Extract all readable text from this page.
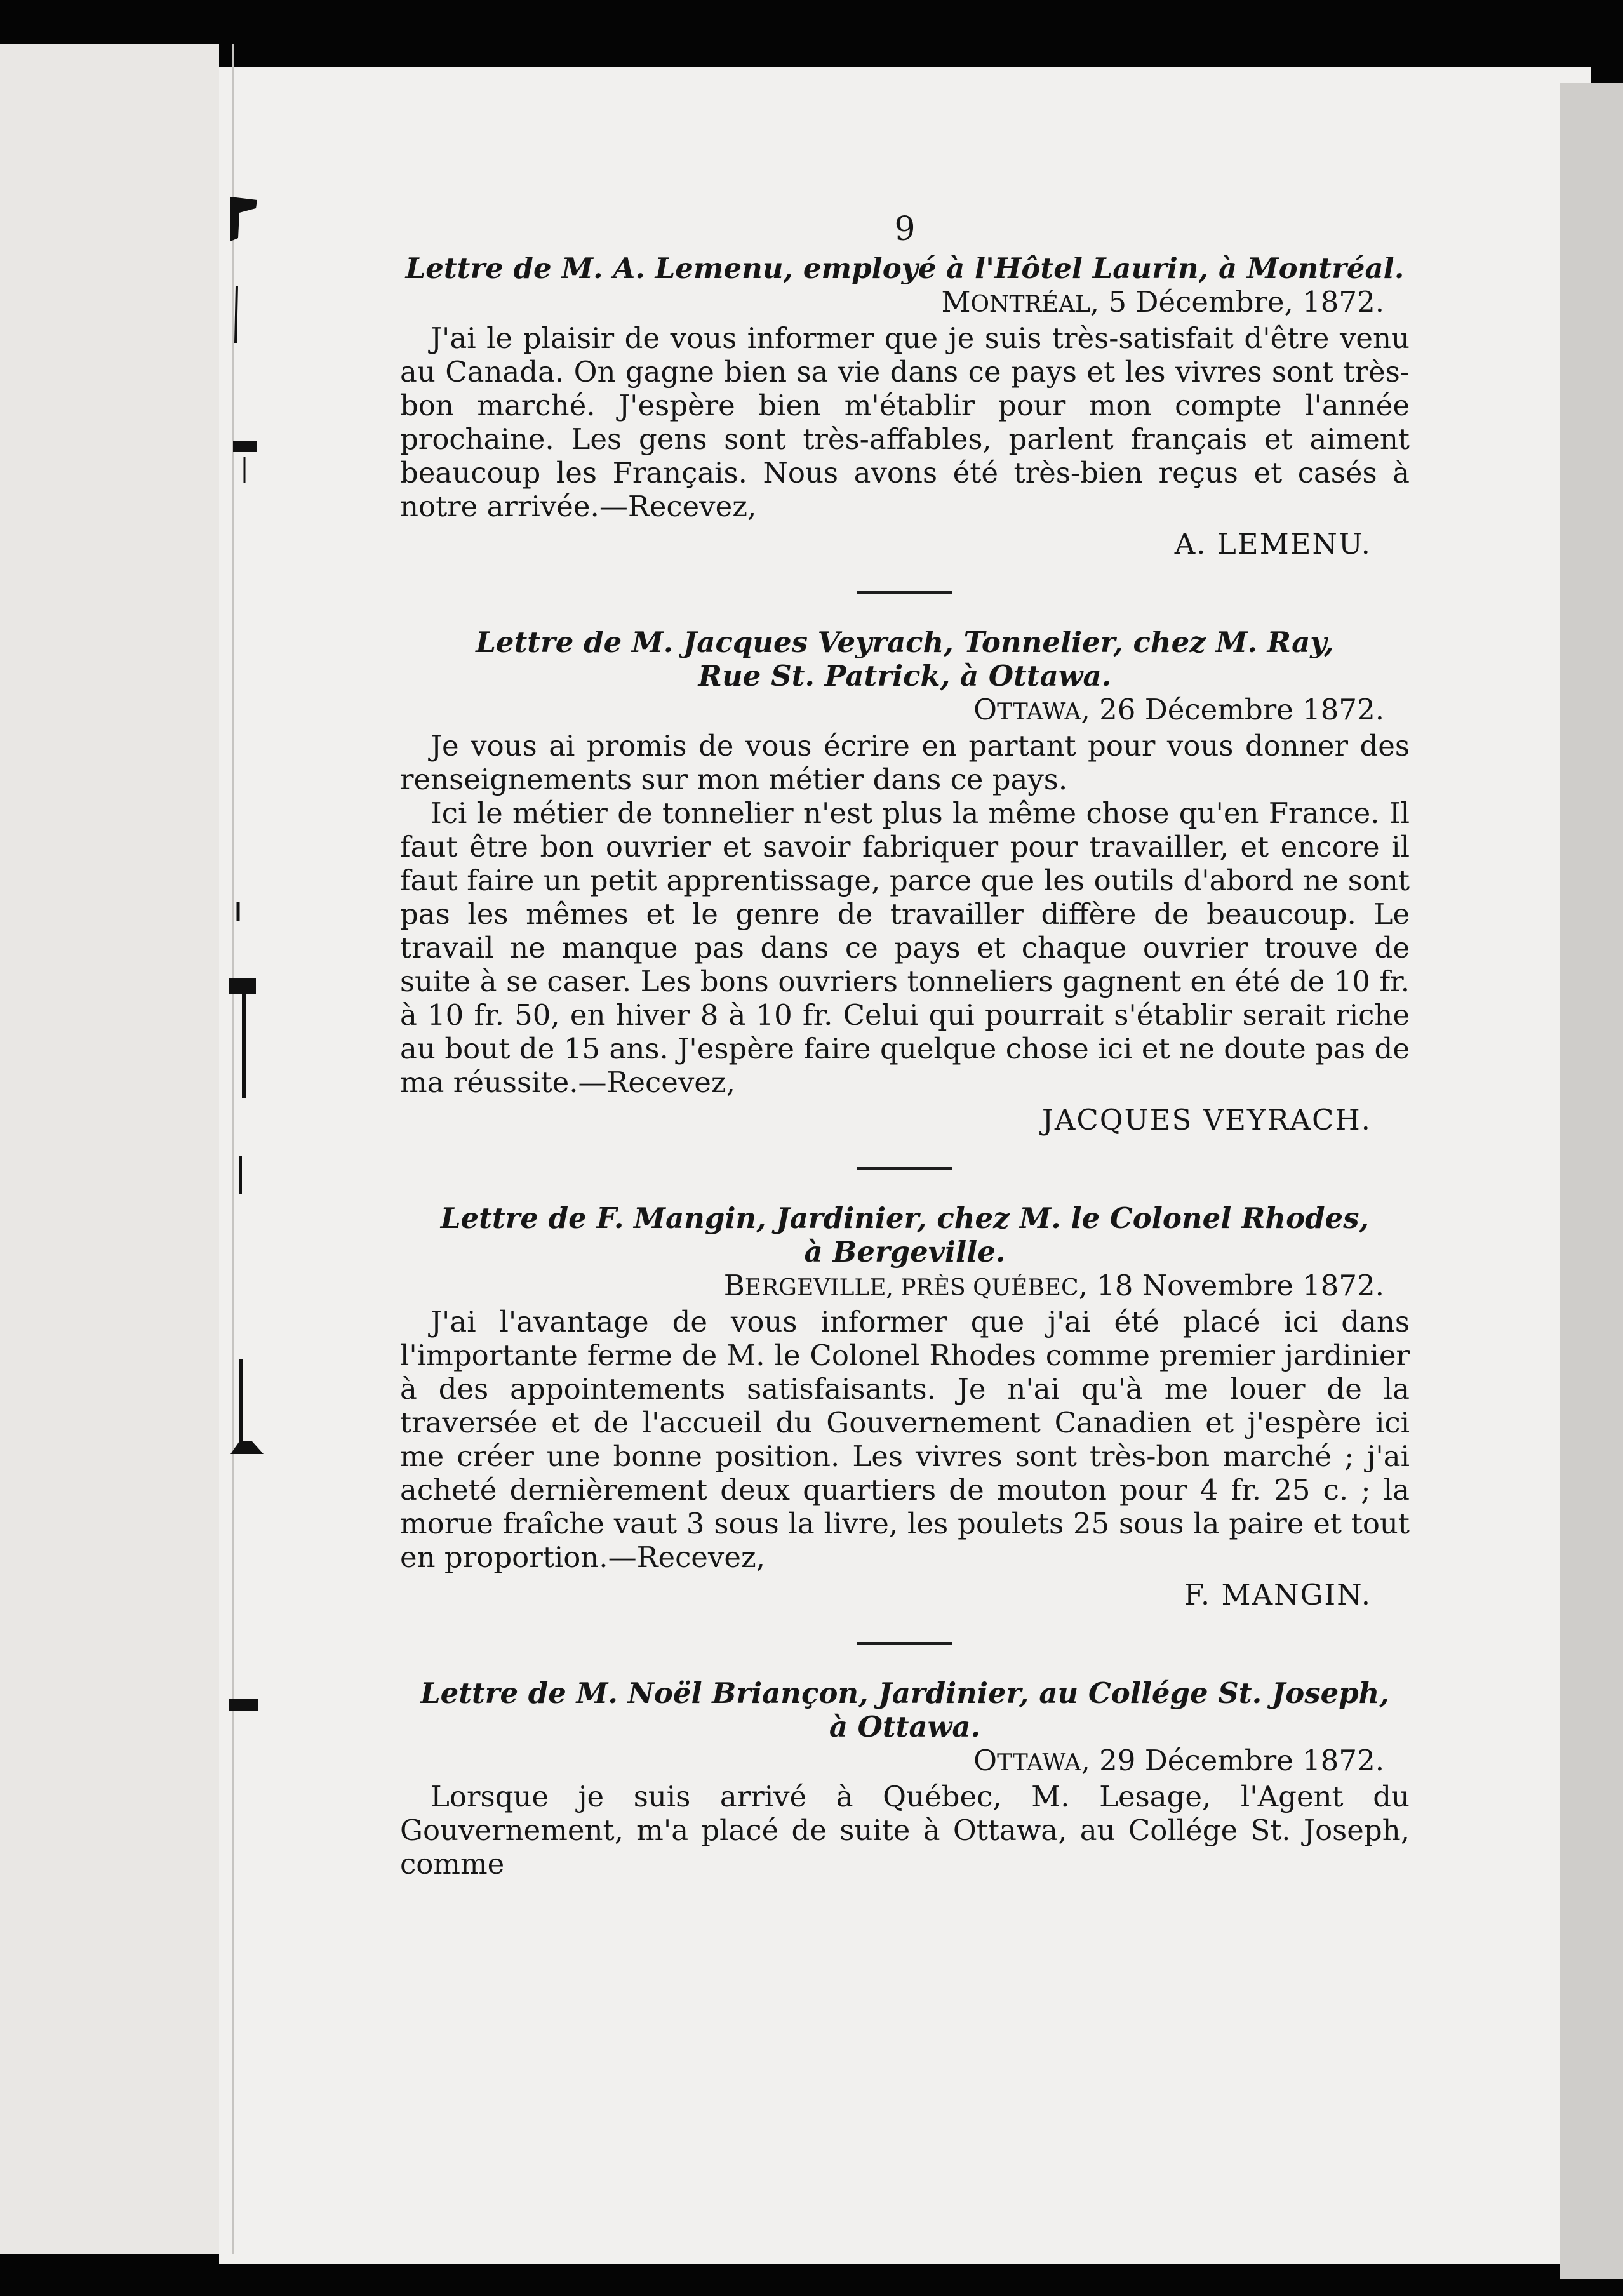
9
Lettre de M. A. Lemenu, employé à l'Hôtel Laurin, à Montréal.
MONTRÉAL, 5 Décembre, 1872.
J'ai le plaisir de vous informer que je suis très-satisfait d'être venu au Canada. On gagne bien sa vie dans ce pays et les vivres sont très-bon marché. J'espère bien m'établir pour mon compte l'année prochaine. Les gens sont très-affables, parlent français et aiment beaucoup les Français. Nous avons été très-bien reçus et casés à notre arrivée.—Recevez,
A. LEMENU.
Lettre de M. Jacques Veyrach, Tonnelier, chez M. Ray,
Rue St. Patrick, à Ottawa.
OTTAWA, 26 Décembre 1872.
Je vous ai promis de vous écrire en partant pour vous donner des renseignements sur mon métier dans ce pays.
Ici le métier de tonnelier n'est plus la même chose qu'en France. Il faut être bon ouvrier et savoir fabriquer pour travailler, et encore il faut faire un petit apprentissage, parce que les outils d'abord ne sont pas les mêmes et le genre de travailler diffère de beaucoup. Le travail ne manque pas dans ce pays et chaque ouvrier trouve de suite à se caser. Les bons ouvriers tonneliers gagnent en été de 10 fr. à 10 fr. 50, en hiver 8 à 10 fr. Celui qui pourrait s'établir serait riche au bout de 15 ans. J'espère faire quelque chose ici et ne doute pas de ma réussite.—Recevez,
JACQUES VEYRACH.
Lettre de F. Mangin, Jardinier, chez M. le Colonel Rhodes,
à Bergeville.
BERGEVILLE, PRÈS QUÉBEC, 18 Novembre 1872.
J'ai l'avantage de vous informer que j'ai été placé ici dans l'importante ferme de M. le Colonel Rhodes comme premier jardinier à des appointements satisfaisants. Je n'ai qu'à me louer de la traversée et de l'accueil du Gouvernement Canadien et j'espère ici me créer une bonne position. Les vivres sont très-bon marché ; j'ai acheté dernièrement deux quartiers de mouton pour 4 fr. 25 c. ; la morue fraîche vaut 3 sous la livre, les poulets 25 sous la paire et tout en proportion.—Recevez,
F. MANGIN.
Lettre de M. Noël Briançon, Jardinier, au Collége St. Joseph,
à Ottawa.
OTTAWA, 29 Décembre 1872.
Lorsque je suis arrivé à Québec, M. Lesage, l'Agent du Gouvernement, m'a placé de suite à Ottawa, au Collége St. Joseph, comme
